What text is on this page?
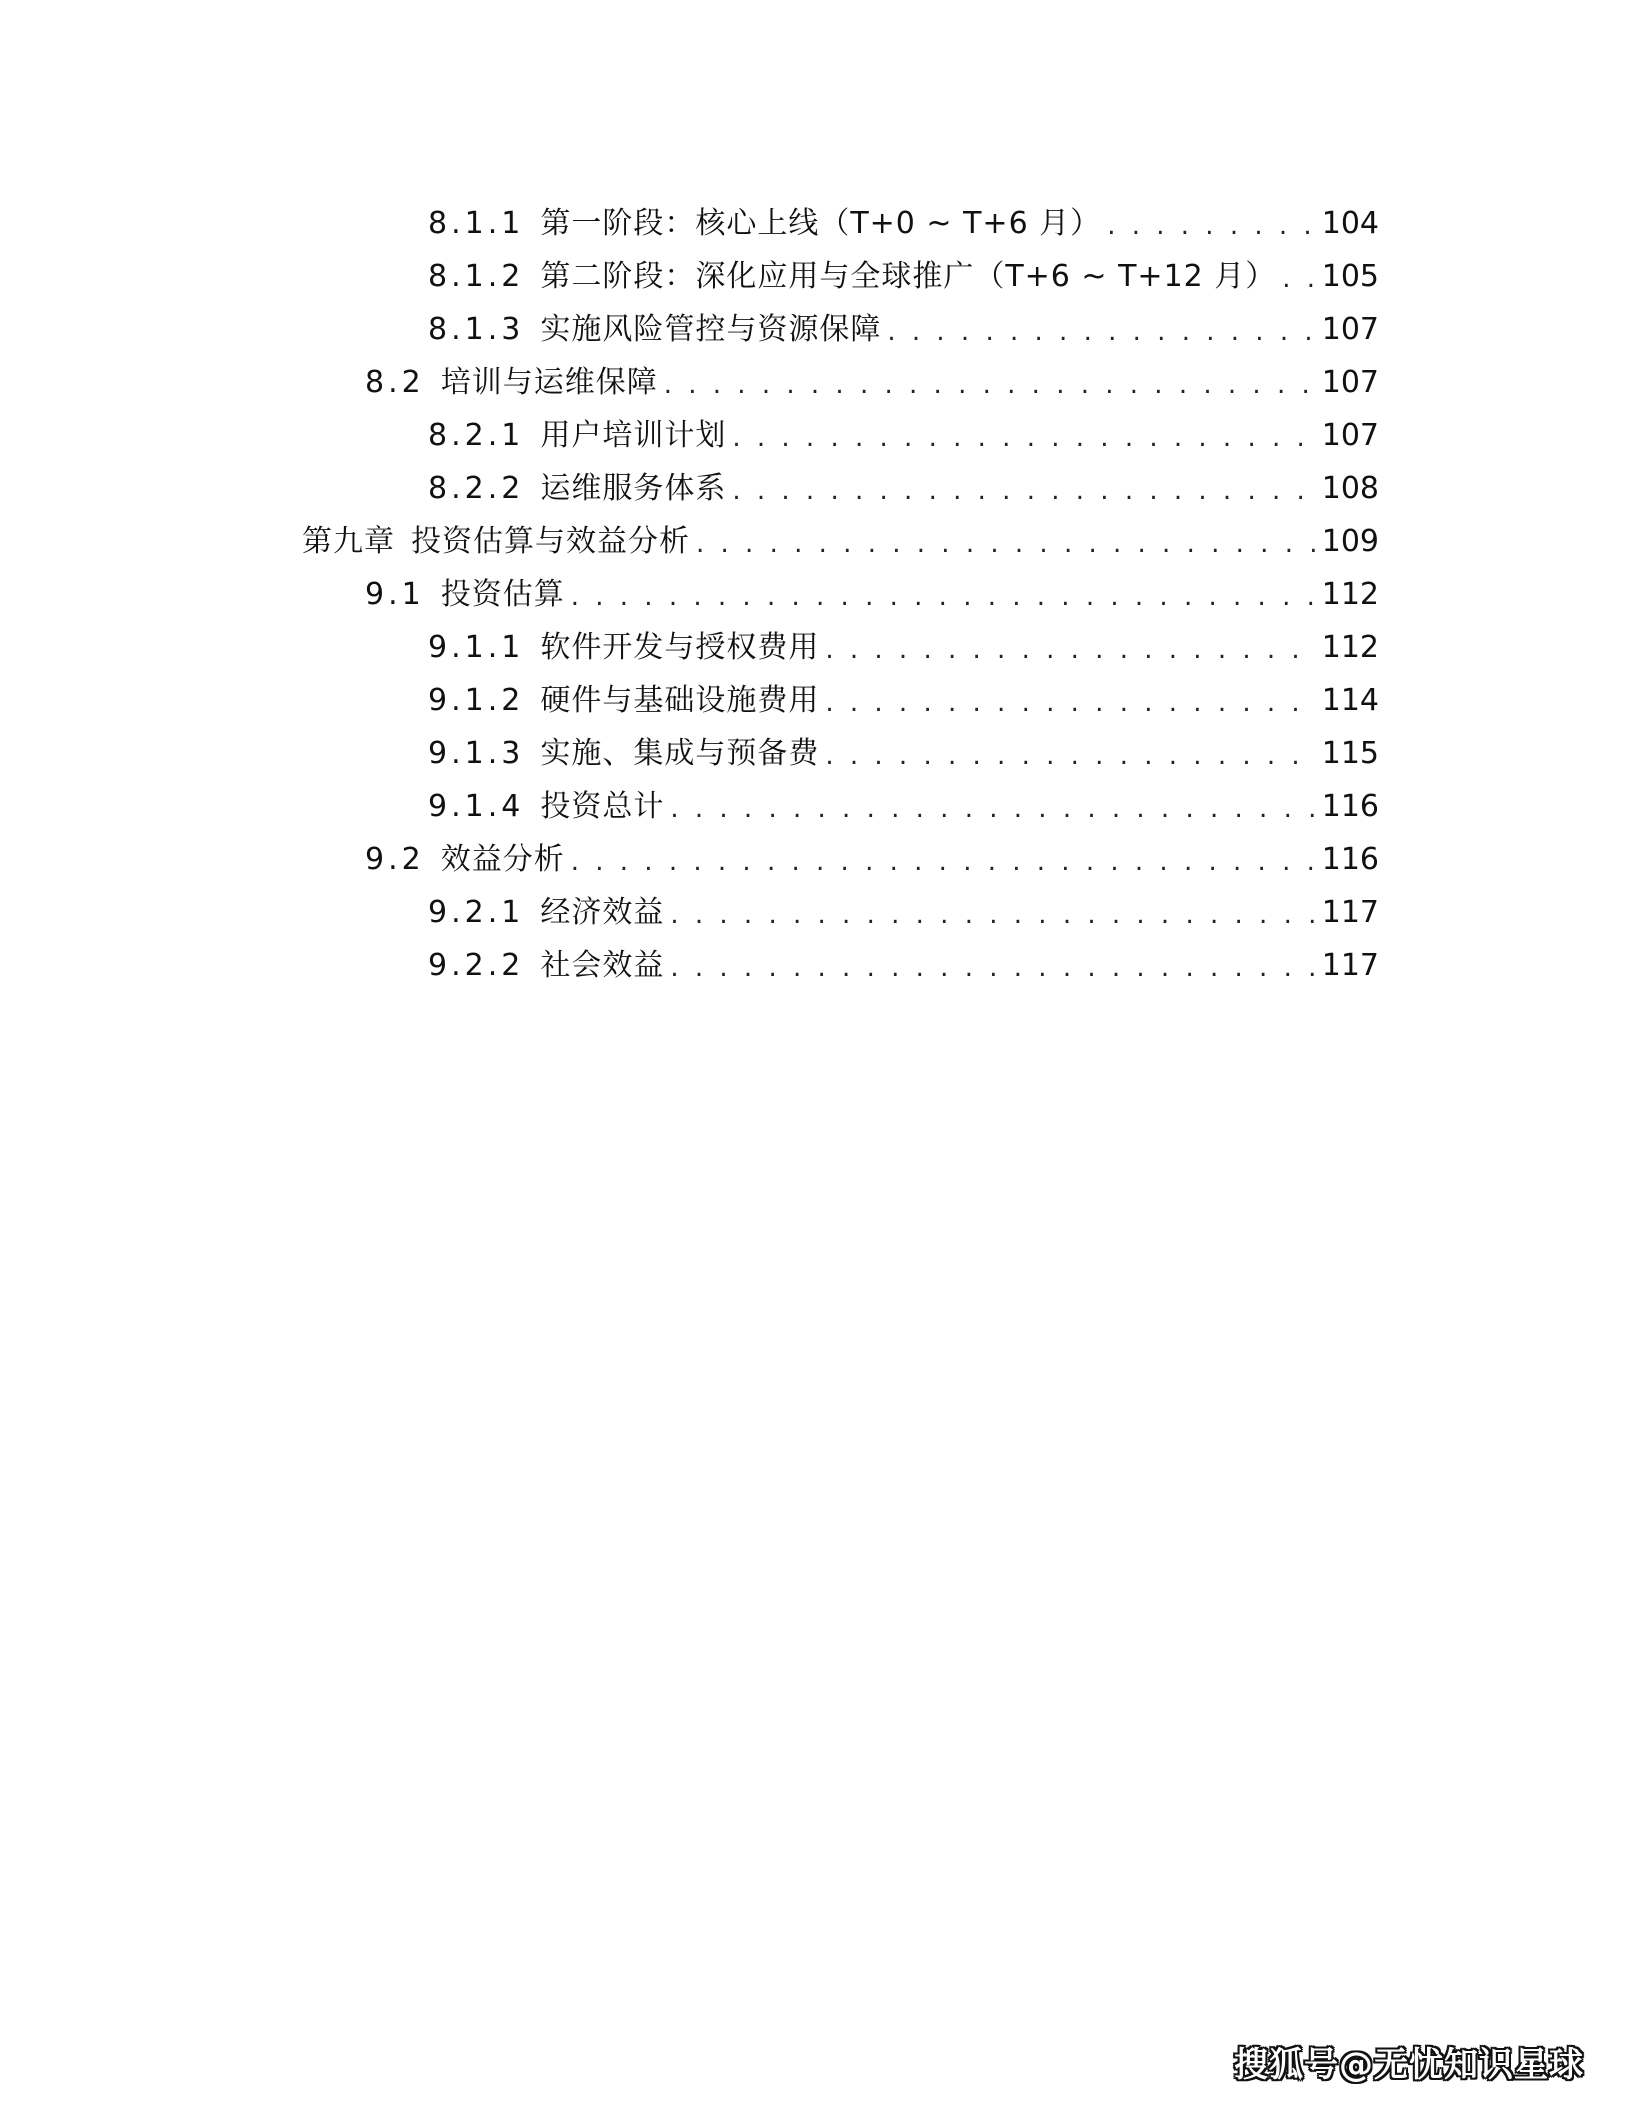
8.1.1 第一阶段：核心上线（T+0 ~ T+6 月） . . .	104
8.1.2 第二阶段：深化应用与全球推广（T+6 ~ T+12 月） . . . 105
8.1.3 实施风险管控与资源保障 . . .	107
8.2 培训与运维保障 . . .	107
8.2.1 用户培训计划 . . .	107
8.2.2 运维服务体系 . . .	108
第九章 投资估算与效益分析 . . .	109
9.1 投资估算 . . .	112
9.1.1 软件开发与授权费用 . . .	112
9.1.2 硬件与基础设施费用 . . .	114
9.1.3 实施、集成与预备费 . . .	115
9.1.4 投资总计 . . .	116
9.2 效益分析 . . .	116
9.2.1 经济效益 . . .	117
9.2.2 社会效益 . . .	117
搜狐号@无忧知识星球
